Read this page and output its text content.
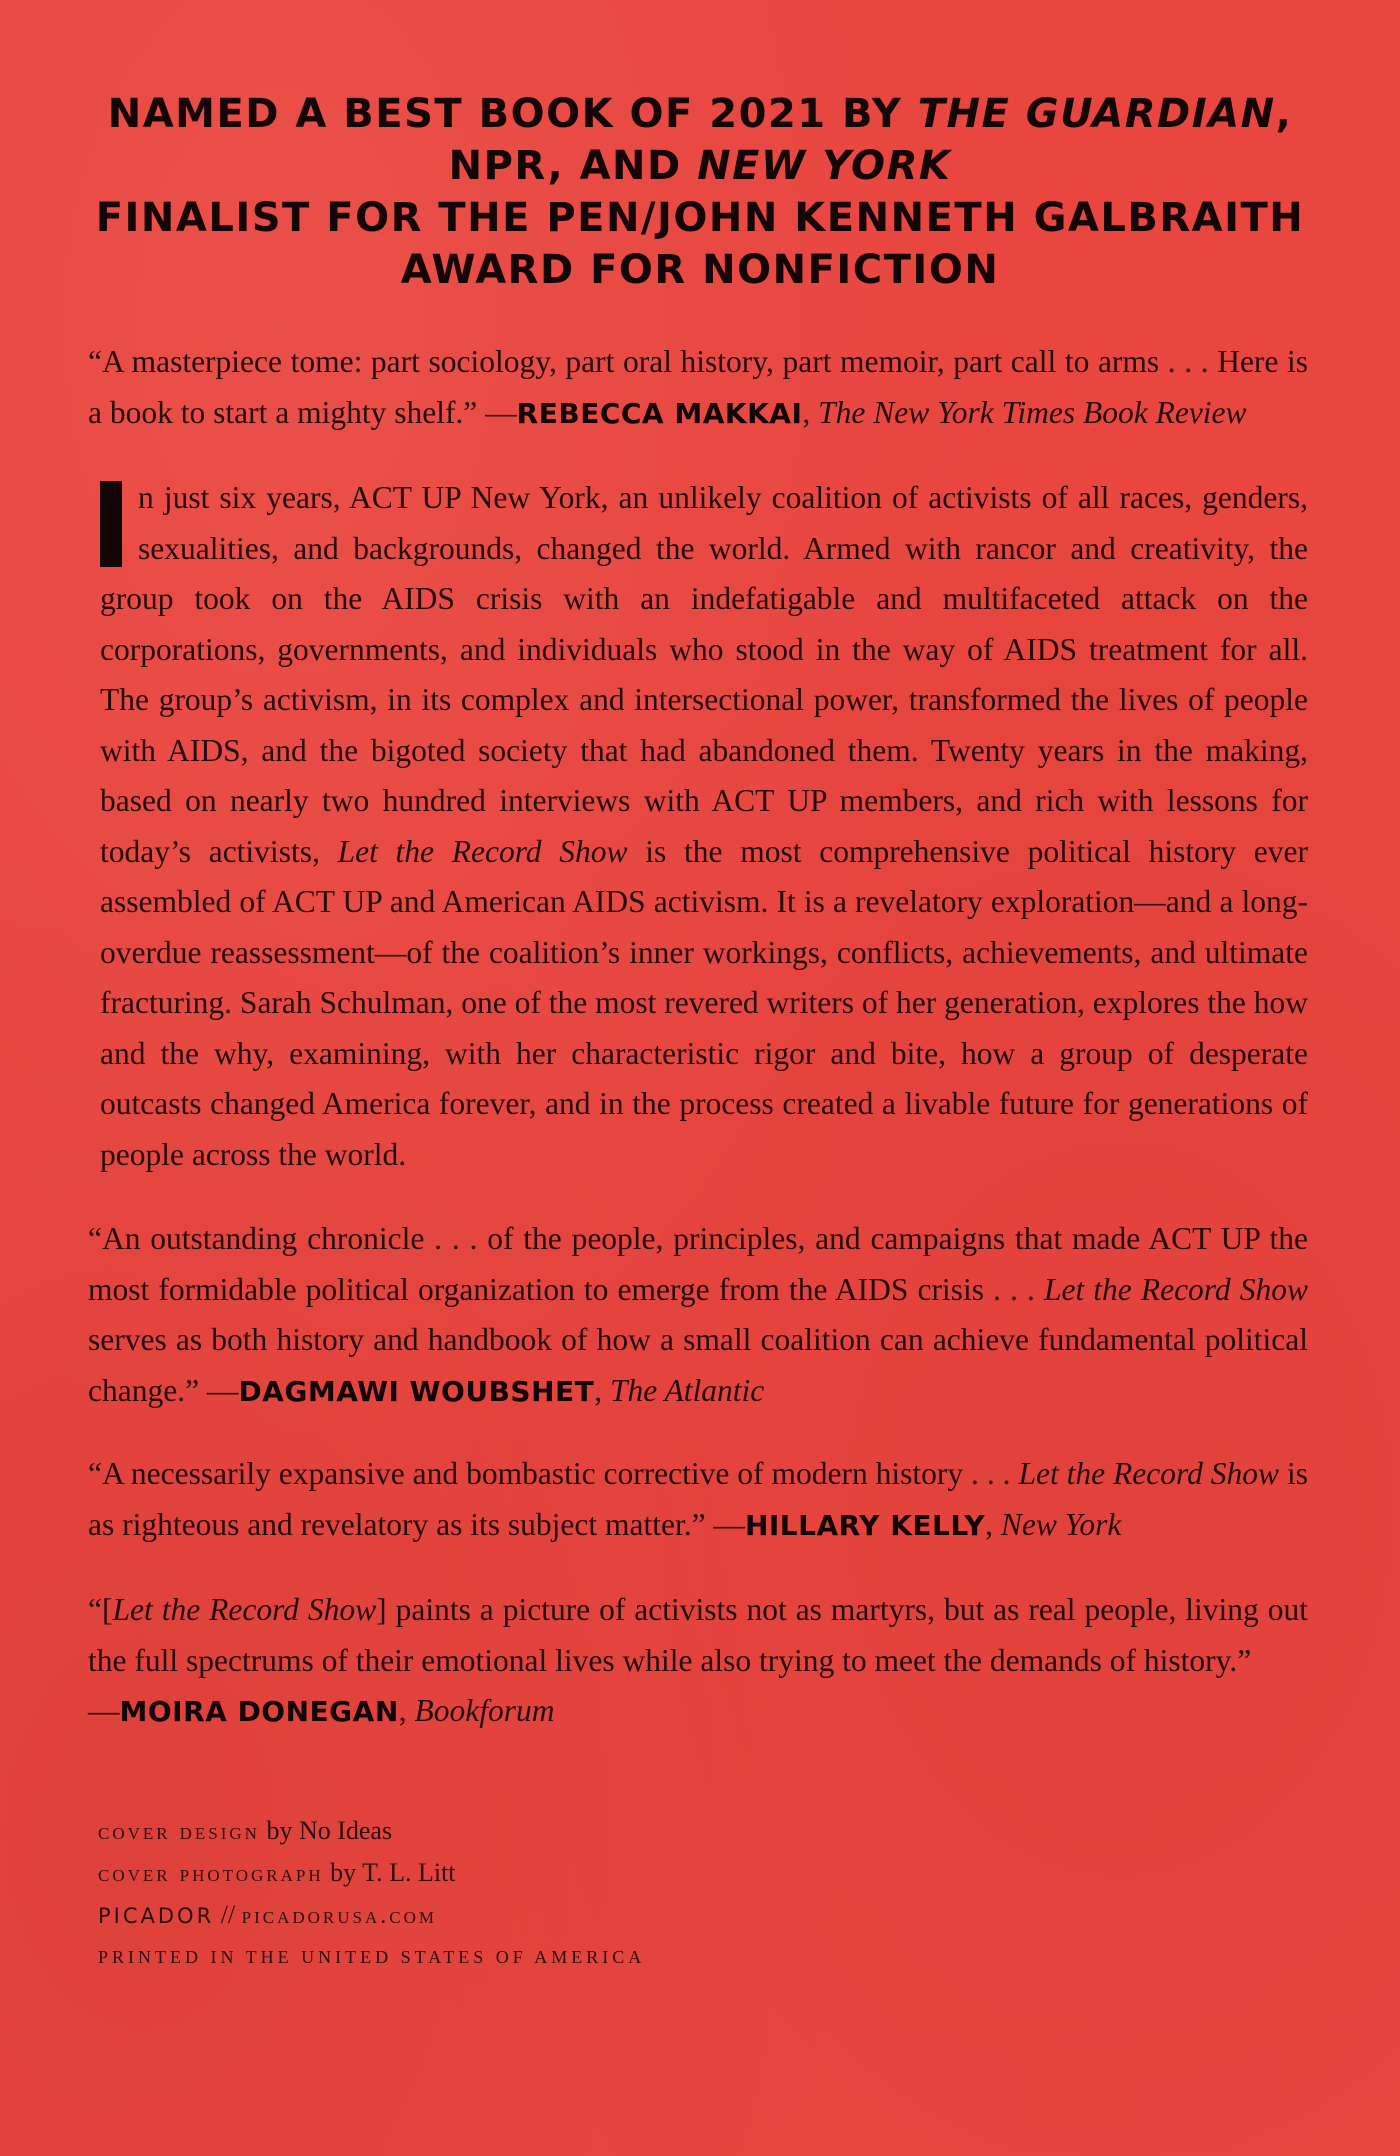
NAMED A BEST BOOK OF 2021 BY THE GUARDIAN,
NPR, AND NEW YORK
FINALIST FOR THE PEN/JOHN KENNETH GALBRAITH
AWARD FOR NONFICTION
“A masterpiece tome: part sociology, part oral history, part memoir, part call to arms . . . Here is a book to start a mighty shelf.” —REBECCA MAKKAI, The New York Times Book Review
n just six years, ACT UP New York, an unlikely coalition of activists of all races, genders, sexualities, and backgrounds, changed the world. Armed with rancor and creativity, the group took on the AIDS crisis with an indefatigable and multifaceted attack on the corporations, governments, and individuals who stood in the way of AIDS treatment for all. The group’s activism, in its complex and intersectional power, transformed the lives of people with AIDS, and the bigoted society that had abandoned them. Twenty years in the making, based on nearly two hundred interviews with ACT UP members, and rich with lessons for today’s activists, Let the Record Show is the most comprehensive political history ever assembled of ACT UP and American AIDS activism. It is a revelatory exploration—and a long-overdue reassessment—of the coalition’s inner workings, conflicts, achievements, and ultimate fracturing. Sarah Schulman, one of the most revered writers of her generation, explores the how and the why, examining, with her characteristic rigor and bite, how a group of desperate outcasts changed America forever, and in the process created a livable future for generations of people across the world.
“An outstanding chronicle . . . of the people, principles, and campaigns that made ACT UP the most formidable political organization to emerge from the AIDS crisis . . . Let the Record Show serves as both history and handbook of how a small coalition can achieve fundamental political change.” —DAGMAWI WOUBSHET, The Atlantic
“A necessarily expansive and bombastic corrective of modern history . . . Let the Record Show is as righteous and revelatory as its subject matter.” —HILLARY KELLY, New York
“[Let the Record Show] paints a picture of activists not as martyrs, but as real people, living out the full spectrums of their emotional lives while also trying to meet the demands of history.”
—MOIRA DONEGAN, Bookforum
cover design by No Ideas
cover photograph by T. L. Litt
PICADOR // picadorusa.com
PRINTED IN THE UNITED STATES OF AMERICA
